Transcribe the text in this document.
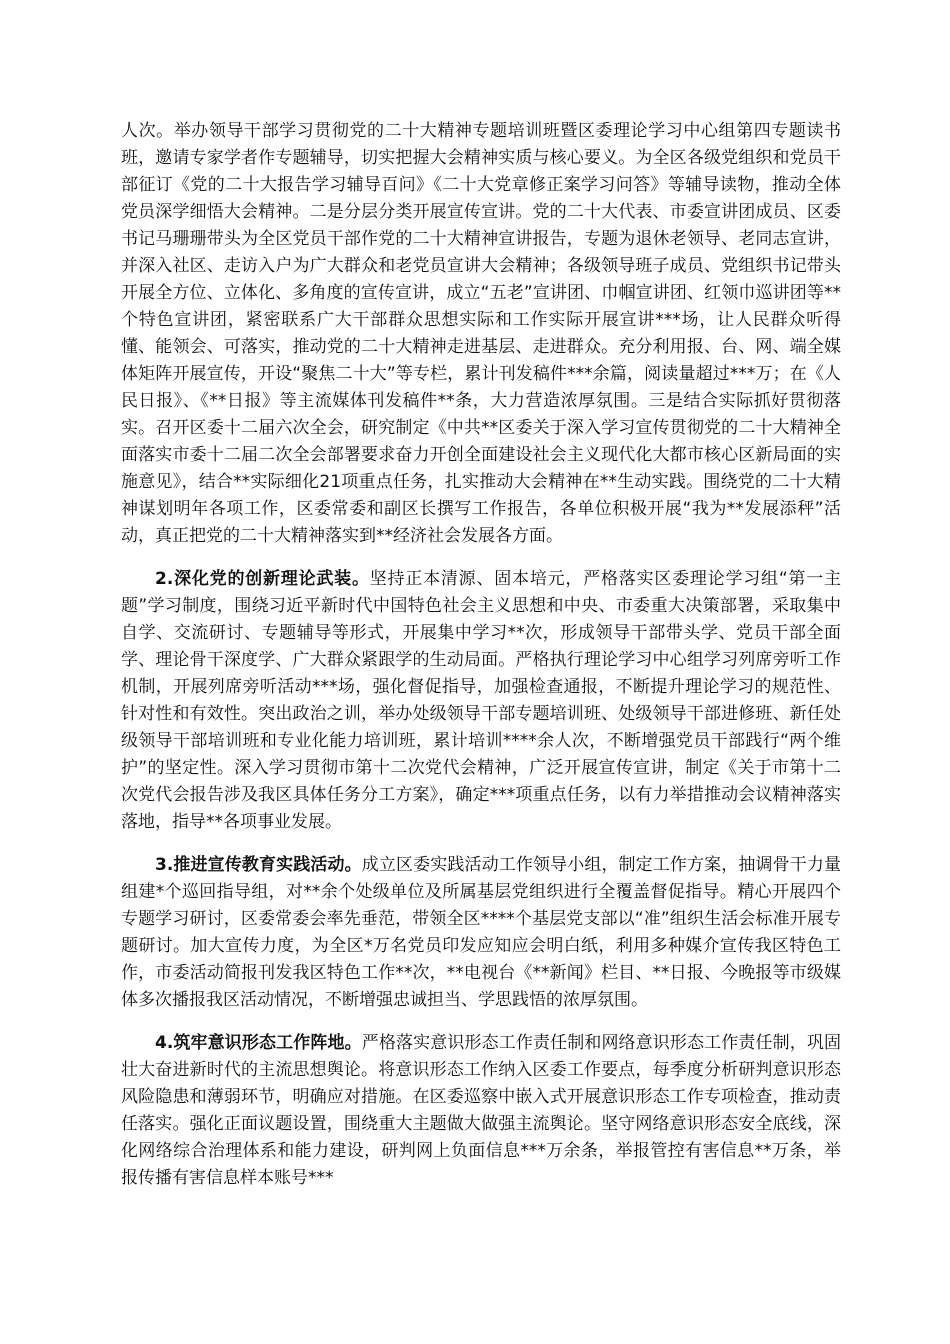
人次。举办领导干部学习贯彻党的二十大精神专题培训班暨区委理论学习中心组第四专题读书班，邀请专家学者作专题辅导，切实把握大会精神实质与核心要义。为全区各级党组织和党员干部征订《党的二十大报告学习辅导百问》《二十大党章修正案学习问答》等辅导读物，推动全体党员深学细悟大会精神。二是分层分类开展宣传宣讲。党的二十大代表、市委宣讲团成员、区委书记马珊珊带头为全区党员干部作党的二十大精神宣讲报告，专题为退休老领导、老同志宣讲，并深入社区、走访入户为广大群众和老党员宣讲大会精神；各级领导班子成员、党组织书记带头开展全方位、立体化、多角度的宣传宣讲，成立“五老”宣讲团、巾帼宣讲团、红领巾巡讲团等**个特色宣讲团，紧密联系广大干部群众思想实际和工作实际开展宣讲***场，让人民群众听得懂、能领会、可落实，推动党的二十大精神走进基层、走进群众。充分利用报、台、网、端全媒体矩阵开展宣传，开设“聚焦二十大”等专栏，累计刊发稿件***余篇，阅读量超过***万；在《人民日报》、《**日报》等主流媒体刊发稿件**条，大力营造浓厚氛围。三是结合实际抓好贯彻落实。召开区委十二届六次全会，研究制定《中共**区委关于深入学习宣传贯彻党的二十大精神全面落实市委十二届二次全会部署要求奋力开创全面建设社会主义现代化大都市核心区新局面的实施意见》，结合**实际细化21项重点任务，扎实推动大会精神在**生动实践。围绕党的二十大精神谋划明年各项工作，区委常委和副区长撰写工作报告，各单位积极开展“我为**发展添秤”活动，真正把党的二十大精神落实到**经济社会发展各方面。

2.深化党的创新理论武装。坚持正本清源、固本培元，严格落实区委理论学习组“第一主题”学习制度，围绕习近平新时代中国特色社会主义思想和中央、市委重大决策部署，采取集中自学、交流研讨、专题辅导等形式，开展集中学习**次，形成领导干部带头学、党员干部全面学、理论骨干深度学、广大群众紧跟学的生动局面。严格执行理论学习中心组学习列席旁听工作机制，开展列席旁听活动***场，强化督促指导，加强检查通报，不断提升理论学习的规范性、针对性和有效性。突出政治之训，举办处级领导干部专题培训班、处级领导干部进修班、新任处级领导干部培训班和专业化能力培训班，累计培训****余人次，不断增强党员干部践行“两个维护”的坚定性。深入学习贯彻市第十二次党代会精神，广泛开展宣传宣讲，制定《关于市第十二次党代会报告涉及我区具体任务分工方案》，确定***项重点任务，以有力举措推动会议精神落实落地，指导**各项事业发展。

3.推进宣传教育实践活动。成立区委实践活动工作领导小组，制定工作方案，抽调骨干力量组建*个巡回指导组，对**余个处级单位及所属基层党组织进行全覆盖督促指导。精心开展四个专题学习研讨，区委常委会率先垂范，带领全区****个基层党支部以“准”组织生活会标准开展专题研讨。加大宣传力度，为全区*万名党员印发应知应会明白纸，利用多种媒介宣传我区特色工作，市委活动简报刊发我区特色工作**次，**电视台《**新闻》栏目、**日报、今晚报等市级媒体多次播报我区活动情况，不断增强忠诚担当、学思践悟的浓厚氛围。

4.筑牢意识形态工作阵地。严格落实意识形态工作责任制和网络意识形态工作责任制，巩固壮大奋进新时代的主流思想舆论。将意识形态工作纳入区委工作要点，每季度分析研判意识形态风险隐患和薄弱环节，明确应对措施。在区委巡察中嵌入式开展意识形态工作专项检查，推动责任落实。强化正面议题设置，围绕重大主题做大做强主流舆论。坚守网络意识形态安全底线，深化网络综合治理体系和能力建设，研判网上负面信息***万余条，举报管控有害信息**万条，举报传播有害信息样本账号***
